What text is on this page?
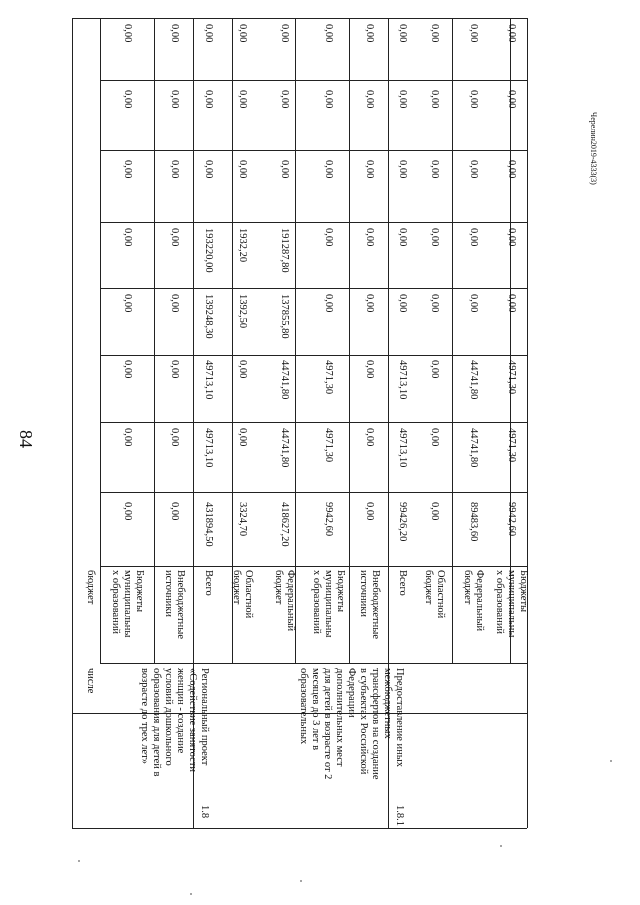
84
Черелин2019-4333(3)
числе
бюджет	Бюджеты
муниципальны
х образований
0,00
0,00
0,00
0,00
0,00
0,00
0,00
0,00
Внебюджетные
источники
0,00
0,00
0,00
0,00
0,00
0,00
0,00
0,00
Всего
431894,50
49713,10
49713,10
139248,30
193220,00
0,00
0,00
0,00
Областной
бюджет
3324,70
0,00
0,00
1392,50
1932,20
0,00
0,00
0,00
Федеральный
бюджет
418627,20
44741,80
44741,80
137855,80
191287,80
0,00
0,00
0,00
Бюджеты
муниципальны
х образований
9942,60
4971,30
4971,30
0,00
0,00
0,00
0,00
0,00
Внебюджетные
источники
0,00
0,00
0,00
0,00
0,00
0,00
0,00
0,00
Всего
99426,20
49713,10
49713,10
0,00
0,00
0,00
0,00
0,00
Областной
бюджет
0,00
0,00
0,00
0,00
0,00
0,00
0,00
0,00
Федеральный
бюджет
89483,60
44741,80
44741,80
0,00
0,00
0,00
0,00
0,00
Бюджеты
муниципальны
х образований
9942,60
4971,30
4971,30
0,00
0,00
0,00
0,00
0,00
1.8
Региональный проект
«Содействие занятости
женщин - создание
условий дошкольного
образования для детей в
возрасте до трех лет»
1.8.1
Предоставление иных
межбюджетных
трансфертов на создание
в субъектах Российской
Федерации
дополнительных мест
для детей в возрасте от 2
месяцев до 3 лет в
образовательных
